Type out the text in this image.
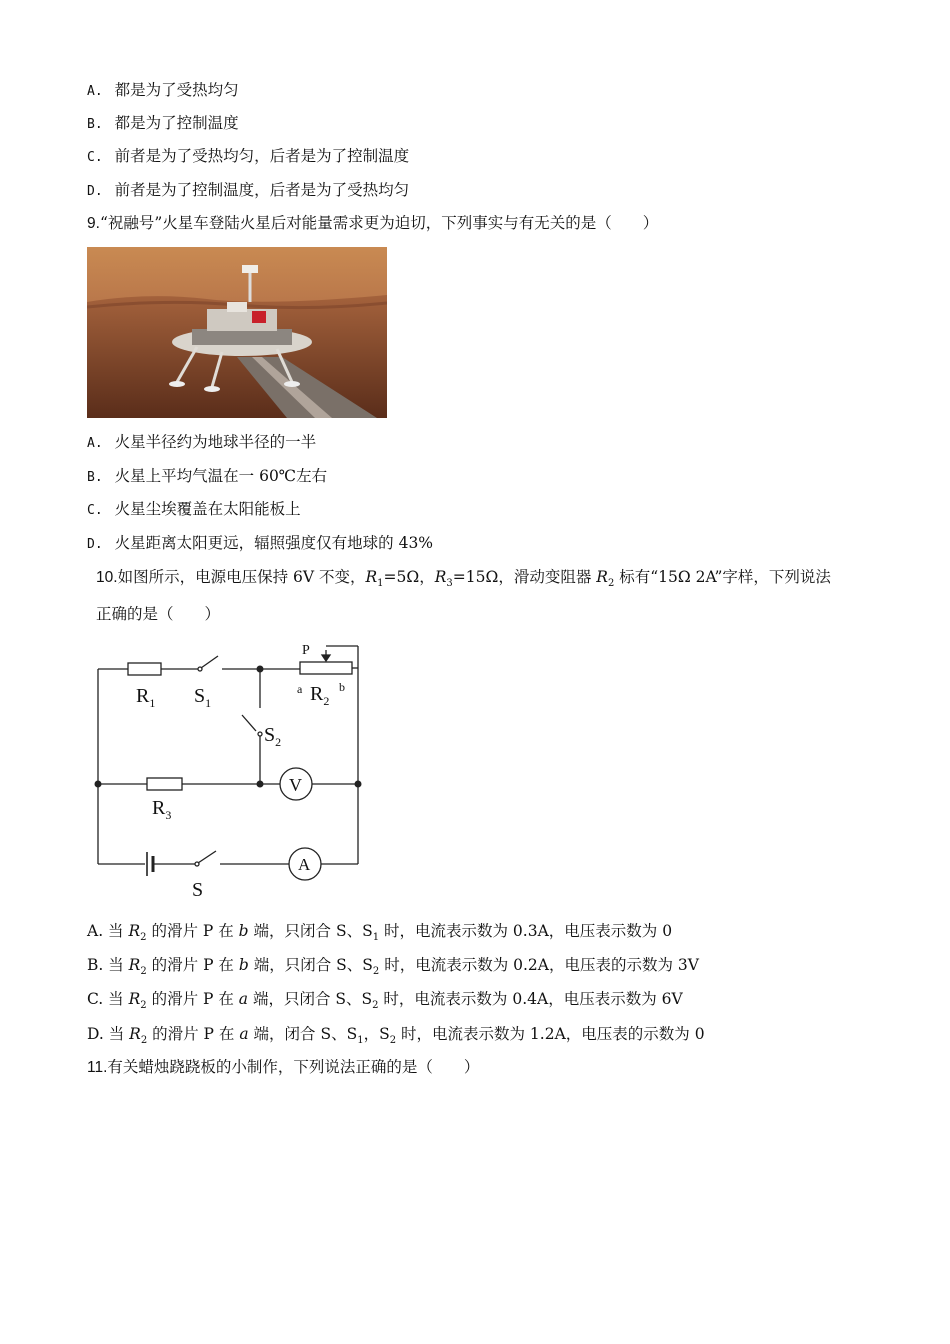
A. 都是为了受热均匀
B. 都是为了控制温度
C. 前者是为了受热均匀，后者是为了控制温度
D. 前者是为了控制温度，后者是为了受热均匀
9.“祝融号”火星车登陆火星后对能量需求更为迫切，下列事实与有无关的是（　　）
A. 火星半径约为地球半径的一半
B. 火星上平均气温在一 60℃左右
C. 火星尘埃覆盖在太阳能板上
D. 火星距离太阳更远，辐照强度仅有地球的 43%
10.如图所示，电源电压保持 6V 不变，$R_1=5\Omega$，$R_3=15\Omega$，滑动变阻器 $R_2$ 标有“15Ω 2A”字样，下列说法
正确的是（　　）
$R_1$ $S_1$
P
a $R_2$
b
$S_2$
$R_3$
V
A
S
A. 当 $R_2$ 的滑片 P 在 b 端，只闭合 S、$S_1$ 时，电流表示数为 0.3A，电压表示数为 0
B. 当 $R_2$ 的滑片 P 在 b 端，只闭合 S、$S_2$ 时，电流表示数为 0.2A，电压表的示数为 3V
C. 当 $R_2$ 的滑片 P 在 a 端，只闭合 S、$S_2$ 时，电流表示数为 0.4A，电压表示数为 6V
D. 当 $R_2$ 的滑片 P 在 a 端，闭合 S、$S_1$，$S_2$ 时，电流表示数为 1.2A，电压表的示数为 0
11.有关蜡烛跷跷板的小制作，下列说法正确的是（　　）
